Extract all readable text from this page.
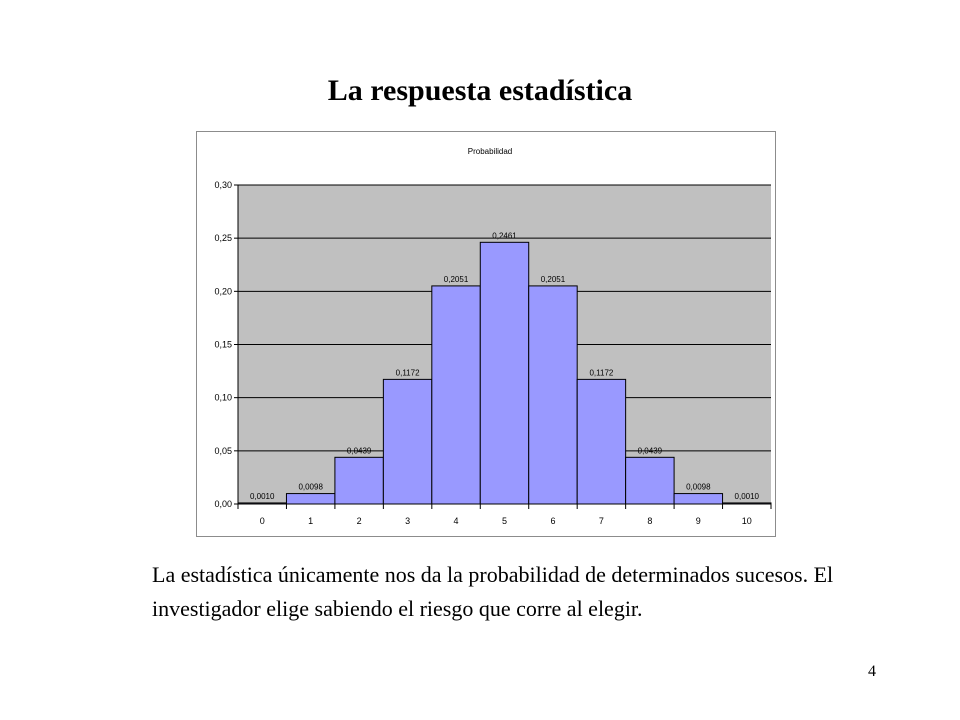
La respuesta estadística
Probabilidad
0,00
0,05
0,10
0,15
0,20
0,25
0,30
0,0010
0
0,0098
1
0,0439
2
0,1172
3
0,2051
4
0,2461
5
0,2051
6
0,1172
7
0,0439
8
0,0098
9
0,0010
10
La estadística únicamente nos da la probabilidad de determinados sucesos. El investigador elige sabiendo el riesgo que corre al elegir.
4
